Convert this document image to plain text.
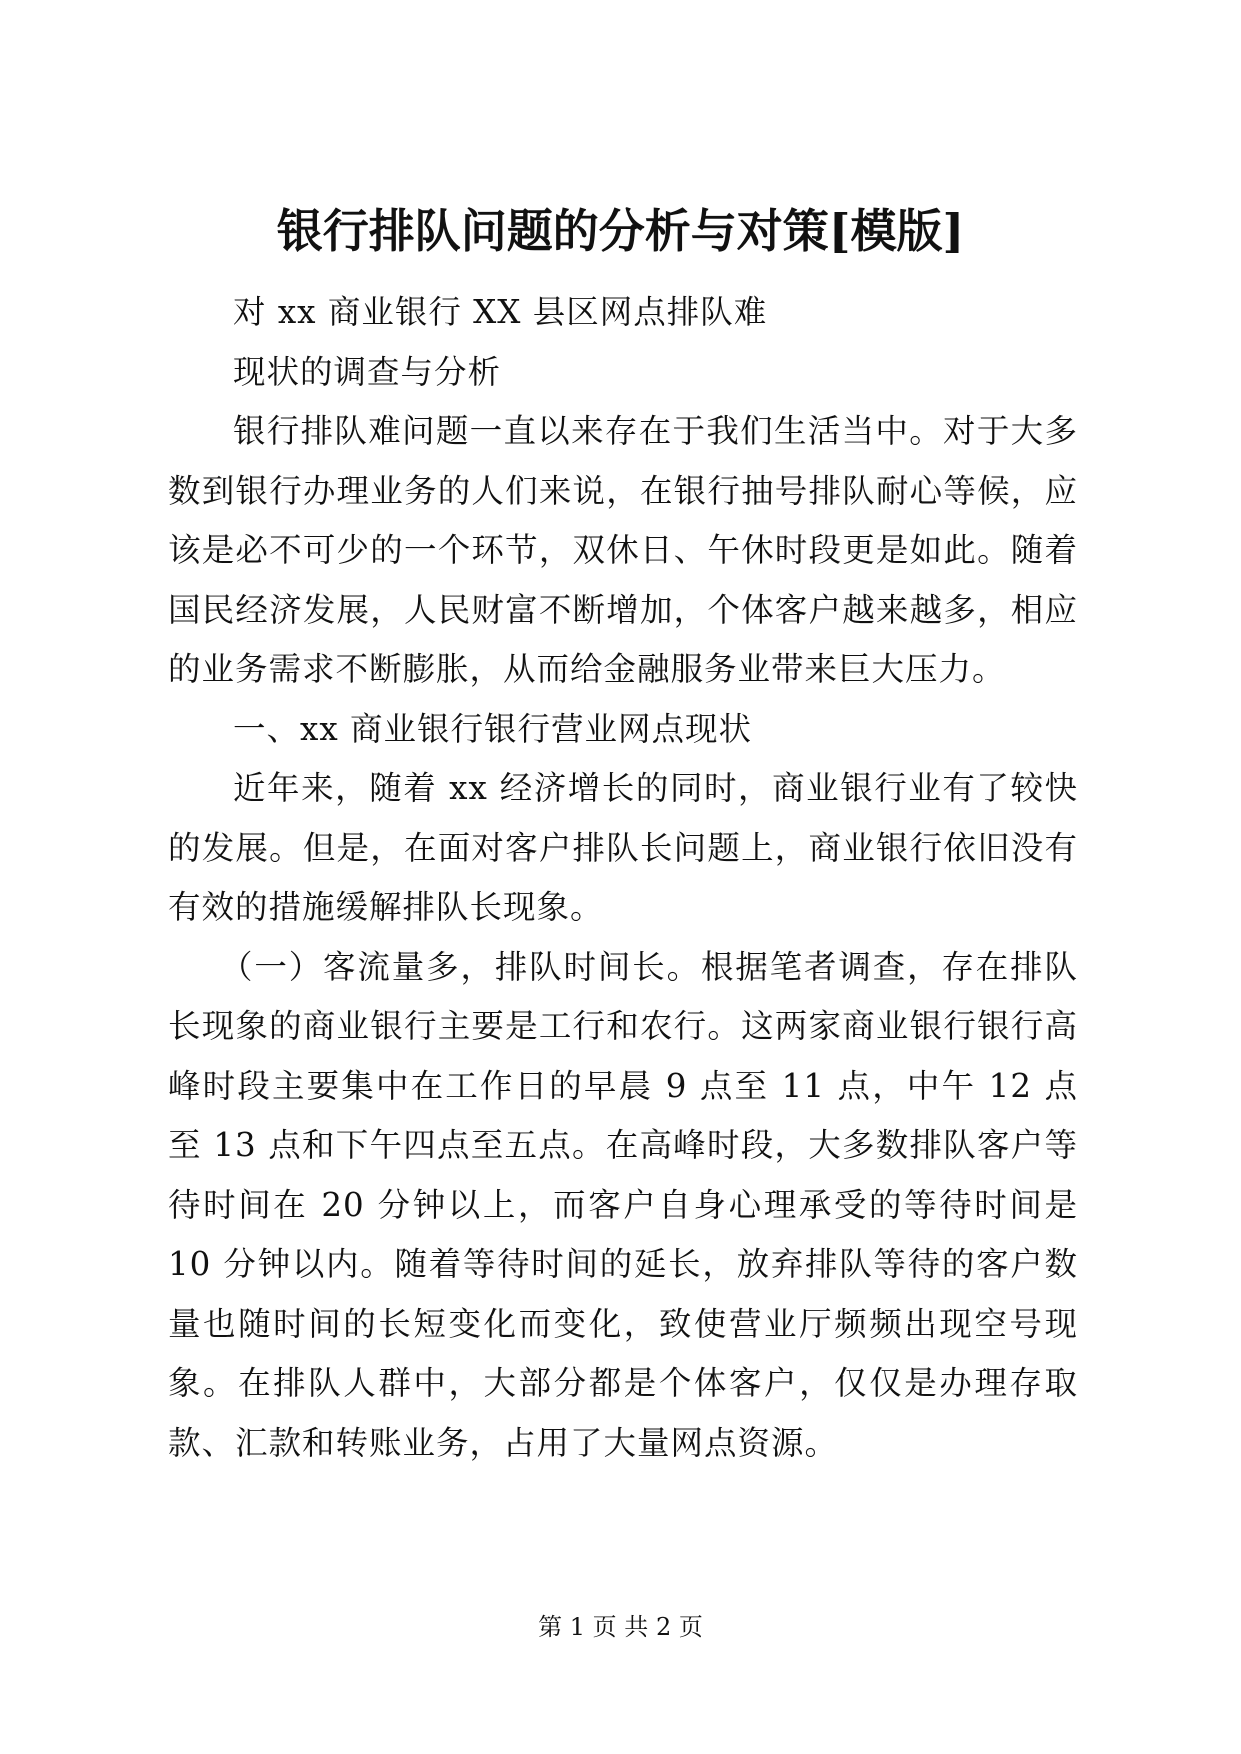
银行排队问题的分析与对策[模版]

对 xx 商业银行 XX 县区网点排队难

现状的调查与分析

银行排队难问题一直以来存在于我们生活当中。对于大多数到银行办理业务的人们来说，在银行抽号排队耐心等候，应该是必不可少的一个环节，双休日、午休时段更是如此。随着国民经济发展，人民财富不断增加，个体客户越来越多，相应的业务需求不断膨胀，从而给金融服务业带来巨大压力。

一、xx 商业银行银行营业网点现状

近年来，随着 xx 经济增长的同时，商业银行业有了较快的发展。但是，在面对客户排队长问题上，商业银行依旧没有有效的措施缓解排队长现象。

（一）客流量多，排队时间长。根据笔者调查，存在排队长现象的商业银行主要是工行和农行。这两家商业银行银行高峰时段主要集中在工作日的早晨 9 点至 11 点，中午 12 点至 13 点和下午四点至五点。在高峰时段，大多数排队客户等待时间在 20 分钟以上，而客户自身心理承受的等待时间是 10 分钟以内。随着等待时间的延长，放弃排队等待的客户数量也随时间的长短变化而变化，致使营业厅频频出现空号现象。在排队人群中，大部分都是个体客户，仅仅是办理存取款、汇款和转账业务，占用了大量网点资源。

第 1 页 共 2 页
